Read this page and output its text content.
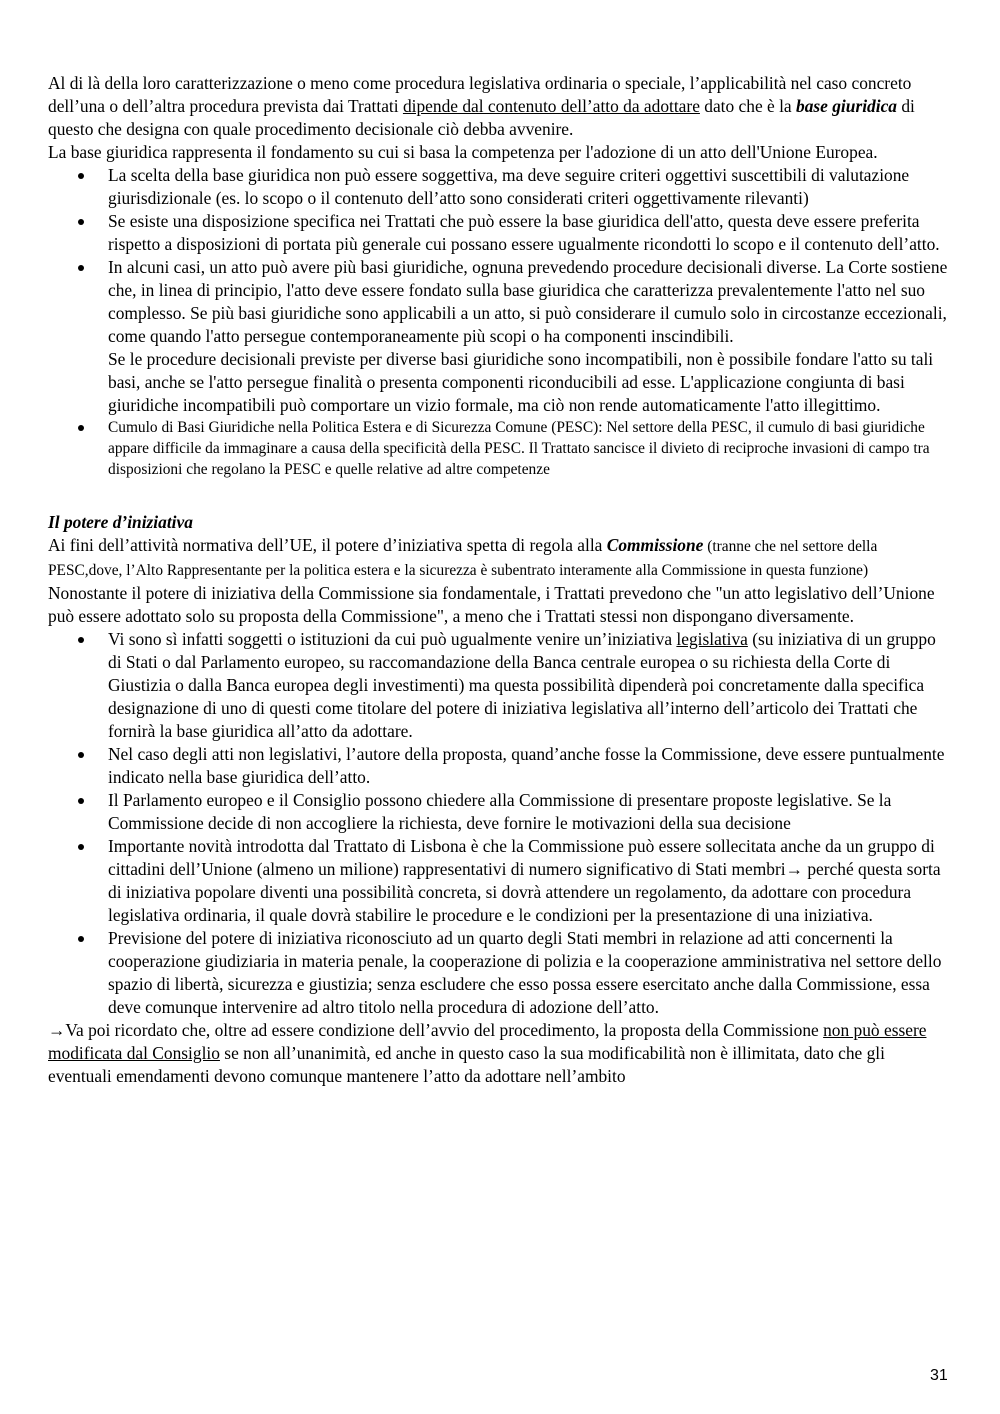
Al di là della loro caratterizzazione o meno come procedura legislativa ordinaria o speciale, l’applicabilità nel caso concreto dell’una o dell’altra procedura prevista dai Trattati dipende dal contenuto dell’atto da adottare dato che è la base giuridica di questo che designa con quale procedimento decisionale ciò debba avvenire.

La base giuridica rappresenta il fondamento su cui si basa la competenza per l'adozione di un atto dell'Unione Europea.

La scelta della base giuridica non può essere soggettiva, ma deve seguire criteri oggettivi suscettibili di valutazione giurisdizionale (es. lo scopo o il contenuto dell’atto sono considerati criteri oggettivamente rilevanti)
Se esiste una disposizione specifica nei Trattati che può essere la base giuridica dell'atto, questa deve essere preferita rispetto a disposizioni di portata più generale cui possano essere ugualmente ricondotti lo scopo e il contenuto dell’atto.
In alcuni casi, un atto può avere più basi giuridiche, ognuna prevedendo procedure decisionali diverse. La Corte sostiene che, in linea di principio, l'atto deve essere fondato sulla base giuridica che caratterizza prevalentemente l'atto nel suo complesso. Se più basi giuridiche sono applicabili a un atto, si può considerare il cumulo solo in circostanze eccezionali, come quando l'atto persegue contemporaneamente più scopi o ha componenti inscindibili.
Se le procedure decisionali previste per diverse basi giuridiche sono incompatibili, non è possibile fondare l'atto su tali basi, anche se l'atto persegue finalità o presenta componenti riconducibili ad esse. L'applicazione congiunta di basi giuridiche incompatibili può comportare un vizio formale, ma ciò non rende automaticamente l'atto illegittimo.
Cumulo di Basi Giuridiche nella Politica Estera e di Sicurezza Comune (PESC): Nel settore della PESC, il cumulo di basi giuridiche appare difficile da immaginare a causa della specificità della PESC. Il Trattato sancisce il divieto di reciproche invasioni di campo tra disposizioni che regolano la PESC e quelle relative ad altre competenze

Il potere d’iniziativa

Ai fini dell’attività normativa dell’UE, il potere d’iniziativa spetta di regola alla Commissione (tranne che nel settore della PESC,dove, l’Alto Rappresentante per la politica estera e la sicurezza è subentrato interamente alla Commissione in questa funzione)

Nonostante il potere di iniziativa della Commissione sia fondamentale, i Trattati prevedono che "un atto legislativo dell’Unione può essere adottato solo su proposta della Commissione", a meno che i Trattati stessi non dispongano diversamente.

Vi sono sì infatti soggetti o istituzioni da cui può ugualmente venire un’iniziativa legislativa (su iniziativa di un gruppo di Stati o dal Parlamento europeo, su raccomandazione della Banca centrale europea o su richiesta della Corte di Giustizia o dalla Banca europea degli investimenti) ma questa possibilità dipenderà poi concretamente dalla specifica designazione di uno di questi come titolare del potere di iniziativa legislativa all’interno dell’articolo dei Trattati che fornirà la base giuridica all’atto da adottare.
Nel caso degli atti non legislativi, l’autore della proposta, quand’anche fosse la Commissione, deve essere puntualmente indicato nella base giuridica dell’atto.
Il Parlamento europeo e il Consiglio possono chiedere alla Commissione di presentare proposte legislative. Se la Commissione decide di non accogliere la richiesta, deve fornire le motivazioni della sua decisione
Importante novità introdotta dal Trattato di Lisbona è che la Commissione può essere sollecitata anche da un gruppo di cittadini dell’Unione (almeno un milione) rappresentativi di numero significativo di Stati membri→ perché questa sorta di iniziativa popolare diventi una possibilità concreta, si dovrà attendere un regolamento, da adottare con procedura legislativa ordinaria, il quale dovrà stabilire le procedure e le condizioni per la presentazione di una iniziativa.
Previsione del potere di iniziativa riconosciuto ad un quarto degli Stati membri in relazione ad atti concernenti la cooperazione giudiziaria in materia penale, la cooperazione di polizia e la cooperazione amministrativa nel settore dello spazio di libertà, sicurezza e giustizia; senza escludere che esso possa essere esercitato anche dalla Commissione, essa deve comunque intervenire ad altro titolo nella procedura di adozione dell’atto.

→Va poi ricordato che, oltre ad essere condizione dell’avvio del procedimento, la proposta della Commissione non può essere modificata dal Consiglio se non all’unanimità, ed anche in questo caso la sua modificabilità non è illimitata, dato che gli eventuali emendamenti devono comunque mantenere l’atto da adottare nell’ambito

31
